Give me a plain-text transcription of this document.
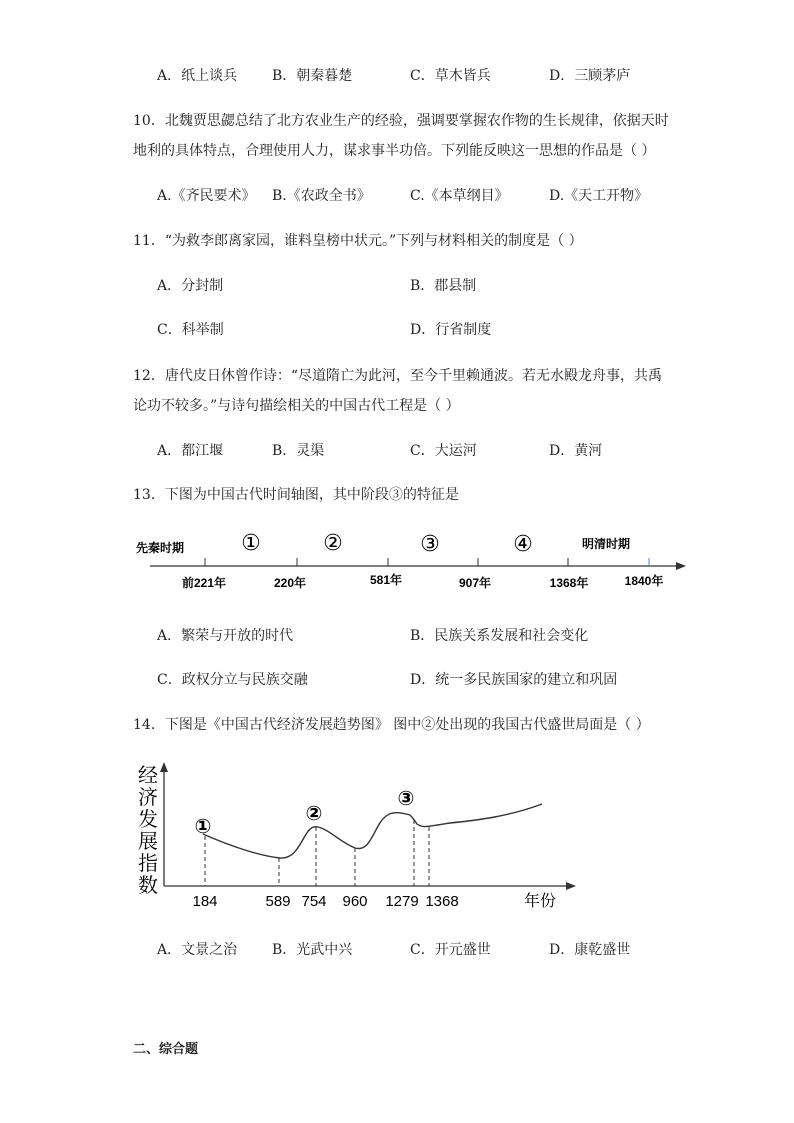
A．纸上谈兵 B．朝秦暮楚	C．草木皆兵	D．三顾茅庐
10．北魏贾思勰总结了北方农业生产的经验，强调要掌握农作物的生长规律，依据天时
地利的具体特点，合理使用人力，谋求事半功倍。下列能反映这一思想的作品是（ ）
A.《齐民要术》 B.《农政全书》	C.《本草纲目》	D.《天工开物》
11．“为救李郎离家园，谁料皇榜中状元。”下列与材料相关的制度是（ ）
A．分封制	B．郡县制
C．科举制	D．行省制度
12．唐代皮日休曾作诗：“尽道隋亡为此河，至今千里赖通波。若无水殿龙舟事，共禹
论功不较多。”与诗句描绘相关的中国古代工程是（ ）
A．都江堰	B．灵渠	C．大运河	D．黄河
13．下图为中国古代时间轴图，其中阶段③的特征是
先秦时期	明清时期
①	②	③	④
前221年	220年	581年	907年	1368年	1840年
A．繁荣与开放的时代	B．民族关系发展和社会变化
C．政权分立与民族交融	D．统一多民族国家的建立和巩固
14．下图是《中国古代经济发展趋势图》 图中②处出现的我国古代盛世局面是（ ）
经
济
发
展
指
数
①
②
③
184	589 754 960 1279 1368	年份
A．文景之治 B．光武中兴	C．开元盛世	D．康乾盛世
二、综合题
